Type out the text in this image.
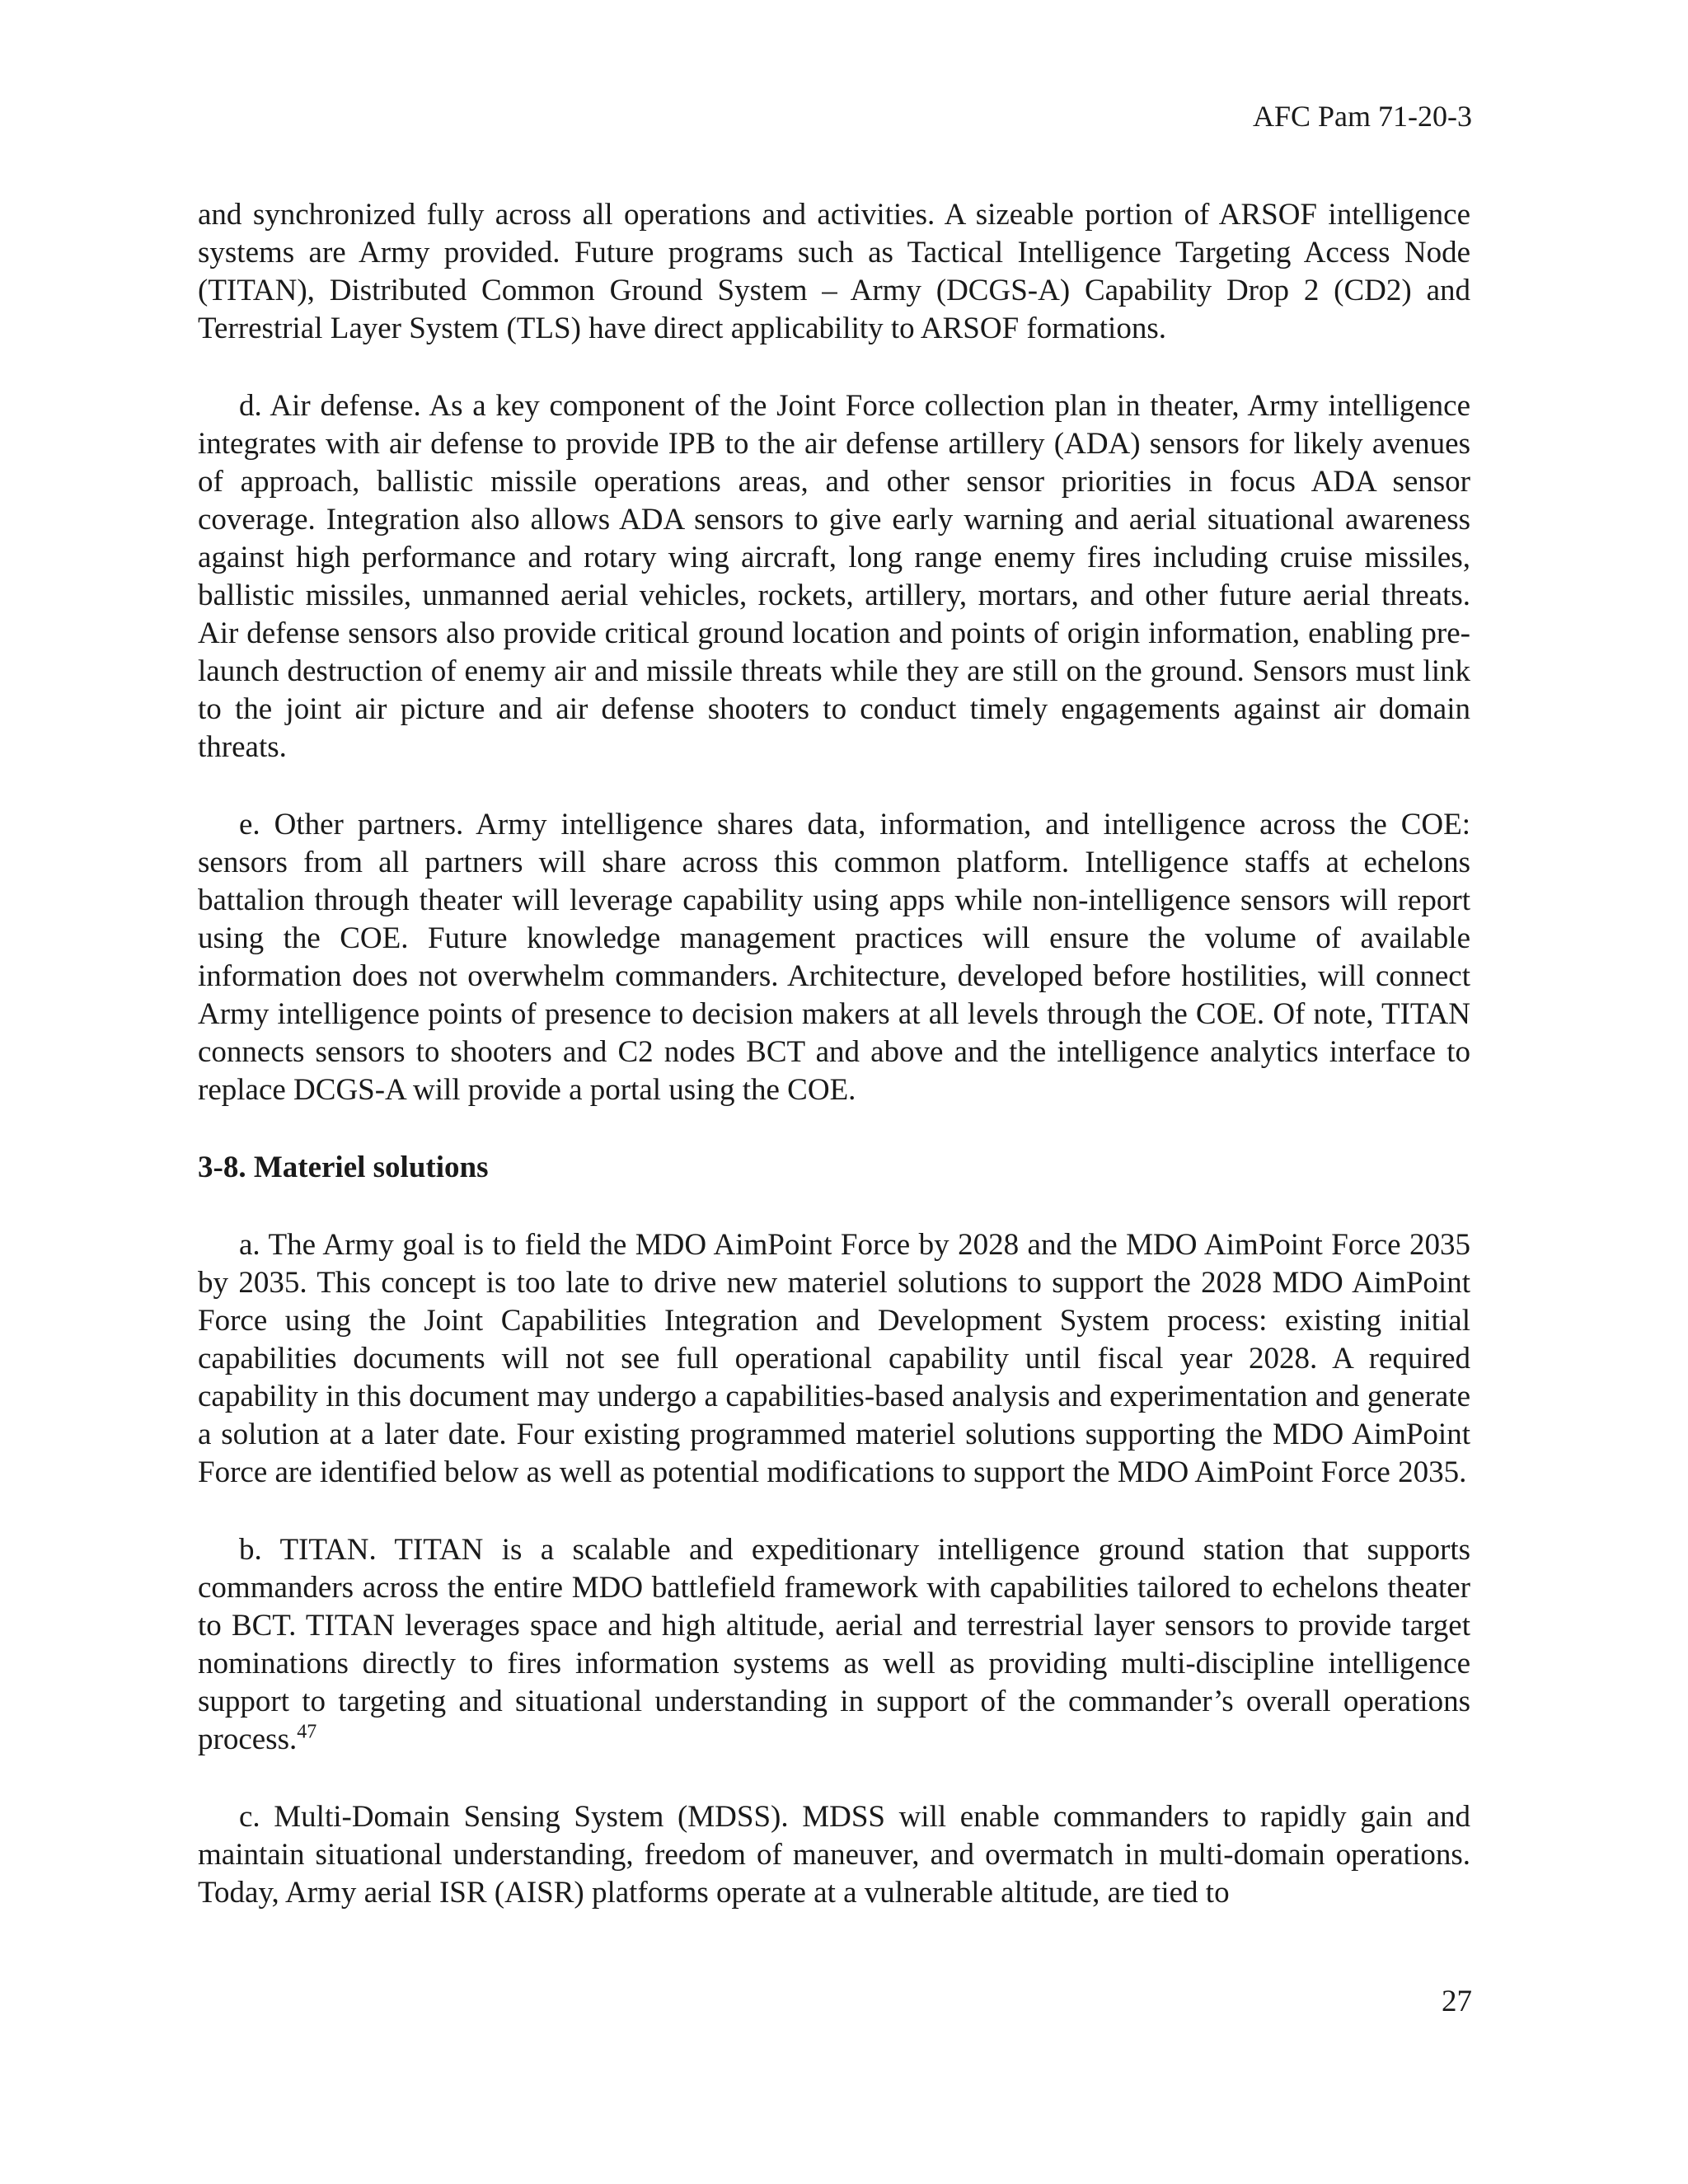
AFC Pam 71-20-3

and synchronized fully across all operations and activities. A sizeable portion of ARSOF intelligence systems are Army provided. Future programs such as Tactical Intelligence Targeting Access Node (TITAN), Distributed Common Ground System – Army (DCGS-A) Capability Drop 2 (CD2) and Terrestrial Layer System (TLS) have direct applicability to ARSOF formations.

d. Air defense. As a key component of the Joint Force collection plan in theater, Army intelligence integrates with air defense to provide IPB to the air defense artillery (ADA) sensors for likely avenues of approach, ballistic missile operations areas, and other sensor priorities in focus ADA sensor coverage. Integration also allows ADA sensors to give early warning and aerial situational awareness against high performance and rotary wing aircraft, long range enemy fires including cruise missiles, ballistic missiles, unmanned aerial vehicles, rockets, artillery, mortars, and other future aerial threats. Air defense sensors also provide critical ground location and points of origin information, enabling pre-launch destruction of enemy air and missile threats while they are still on the ground. Sensors must link to the joint air picture and air defense shooters to conduct timely engagements against air domain threats.

e. Other partners. Army intelligence shares data, information, and intelligence across the COE: sensors from all partners will share across this common platform. Intelligence staffs at echelons battalion through theater will leverage capability using apps while non-intelligence sensors will report using the COE. Future knowledge management practices will ensure the volume of available information does not overwhelm commanders. Architecture, developed before hostilities, will connect Army intelligence points of presence to decision makers at all levels through the COE. Of note, TITAN connects sensors to shooters and C2 nodes BCT and above and the intelligence analytics interface to replace DCGS-A will provide a portal using the COE.

3-8. Materiel solutions

a. The Army goal is to field the MDO AimPoint Force by 2028 and the MDO AimPoint Force 2035 by 2035. This concept is too late to drive new materiel solutions to support the 2028 MDO AimPoint Force using the Joint Capabilities Integration and Development System process: existing initial capabilities documents will not see full operational capability until fiscal year 2028. A required capability in this document may undergo a capabilities-based analysis and experimentation and generate a solution at a later date. Four existing programmed materiel solutions supporting the MDO AimPoint Force are identified below as well as potential modifications to support the MDO AimPoint Force 2035.

b. TITAN. TITAN is a scalable and expeditionary intelligence ground station that supports commanders across the entire MDO battlefield framework with capabilities tailored to echelons theater to BCT. TITAN leverages space and high altitude, aerial and terrestrial layer sensors to provide target nominations directly to fires information systems as well as providing multi-discipline intelligence support to targeting and situational understanding in support of the commander’s overall operations process.$^{47}$

c. Multi-Domain Sensing System (MDSS). MDSS will enable commanders to rapidly gain and maintain situational understanding, freedom of maneuver, and overmatch in multi-domain operations. Today, Army aerial ISR (AISR) platforms operate at a vulnerable altitude, are tied to

27
